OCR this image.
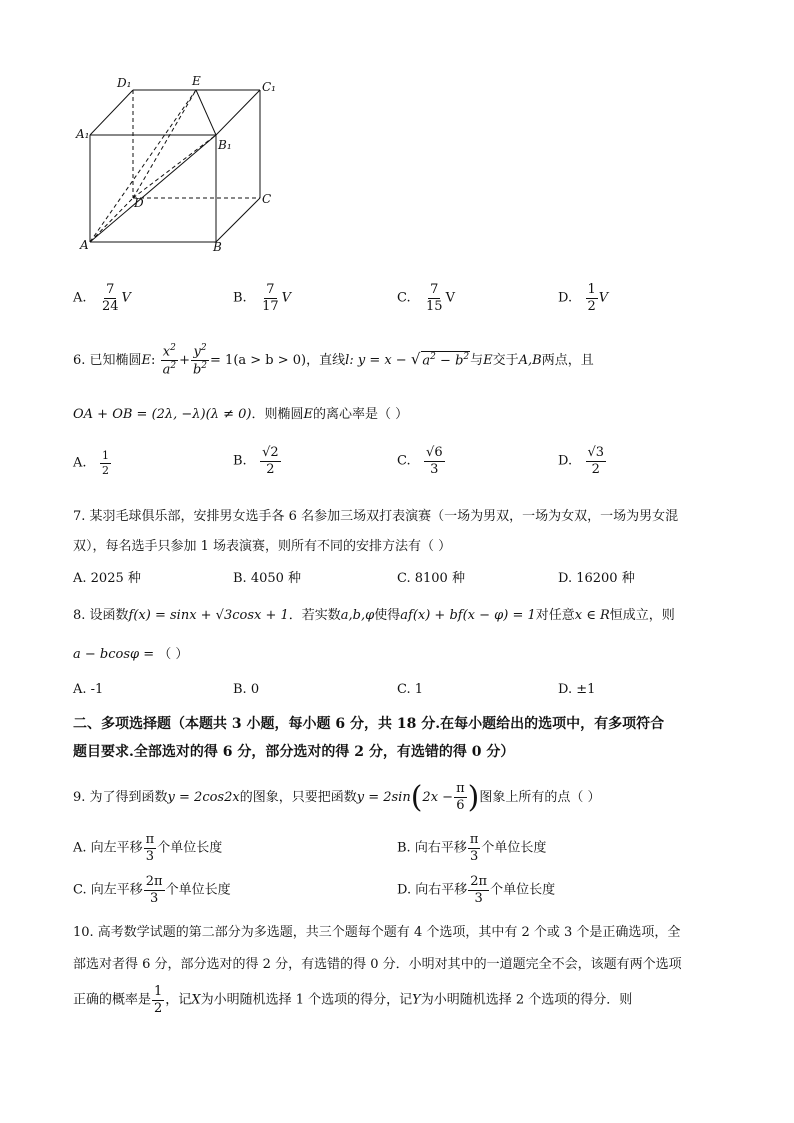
D₁	E	C₁
A₁
B₁
D	C
A	B
A. $\frac{7}{24}$ V	B. $\frac{7}{17}$ V	C. $\frac{7}{15}$ V	D. $\frac{1}{2}$ V
6. 已知椭圆E: $\frac{x^2}{a^2} + \frac{y^2}{b^2} = 1(a > b > 0)$，直线l: y = x − √ $a^2 - b^2$与E交于A,B两点，且
OA + OB = (2λ, −λ)(λ ≠ 0)．则椭圆E的离心率是（ ）
A. $\frac{1}{2}$	B. $\frac{√2}{2}$	C. $\frac{√6}{3}$	D. $\frac{√3}{2}$
7. 某羽毛球俱乐部，安排男女选手各 6 名参加三场双打表演赛（一场为男双，一场为女双，一场为男女混
双），每名选手只参加 1 场表演赛，则所有不同的安排方法有（ ）
A. 2025 种	B. 4050 种	C. 8100 种	D. 16200 种
8. 设函数f(x) = sinx + √3cosx + 1．若实数a,b,φ使得af(x) + bf(x − φ) = 1对任意x ∈ R恒成立，则
a − bcosφ = （ ）
A. -1	B. 0	C. 1	D. ±1
二、多项选择题（本题共 3 小题，每小题 6 分，共 18 分.在每小题给出的选项中，有多项符合
题目要求.全部选对的得 6 分，部分选对的得 2 分，有选错的得 0 分）
9. 为了得到函数y = 2cos2x的图象，只要把函数$y = 2\sin(2x - \frac{\pi}{6}$ )图象上所有的点（ ）
A. 向左平移 $\frac{\pi}{3}$ 个单位长度	B. 向右平移 $\frac{\pi}{3}$ 个单位长度
C. 向左平移 $\frac{2\pi}{3}$ 个单位长度	D. 向右平移 $\frac{2\pi}{3}$ 个单位长度
10. 高考数学试题的第二部分为多选题，共三个题每个题有 4 个选项，其中有 2 个或 3 个是正确选项，全
部选对者得 6 分，部分选对的得 2 分，有选错的得 0 分．小明对其中的一道题完全不会，该题有两个选项
正确的概率是 $\frac{1}{2}$ ，记X为小明随机选择 1 个选项的得分，记Y为小明随机选择 2 个选项的得分．则
